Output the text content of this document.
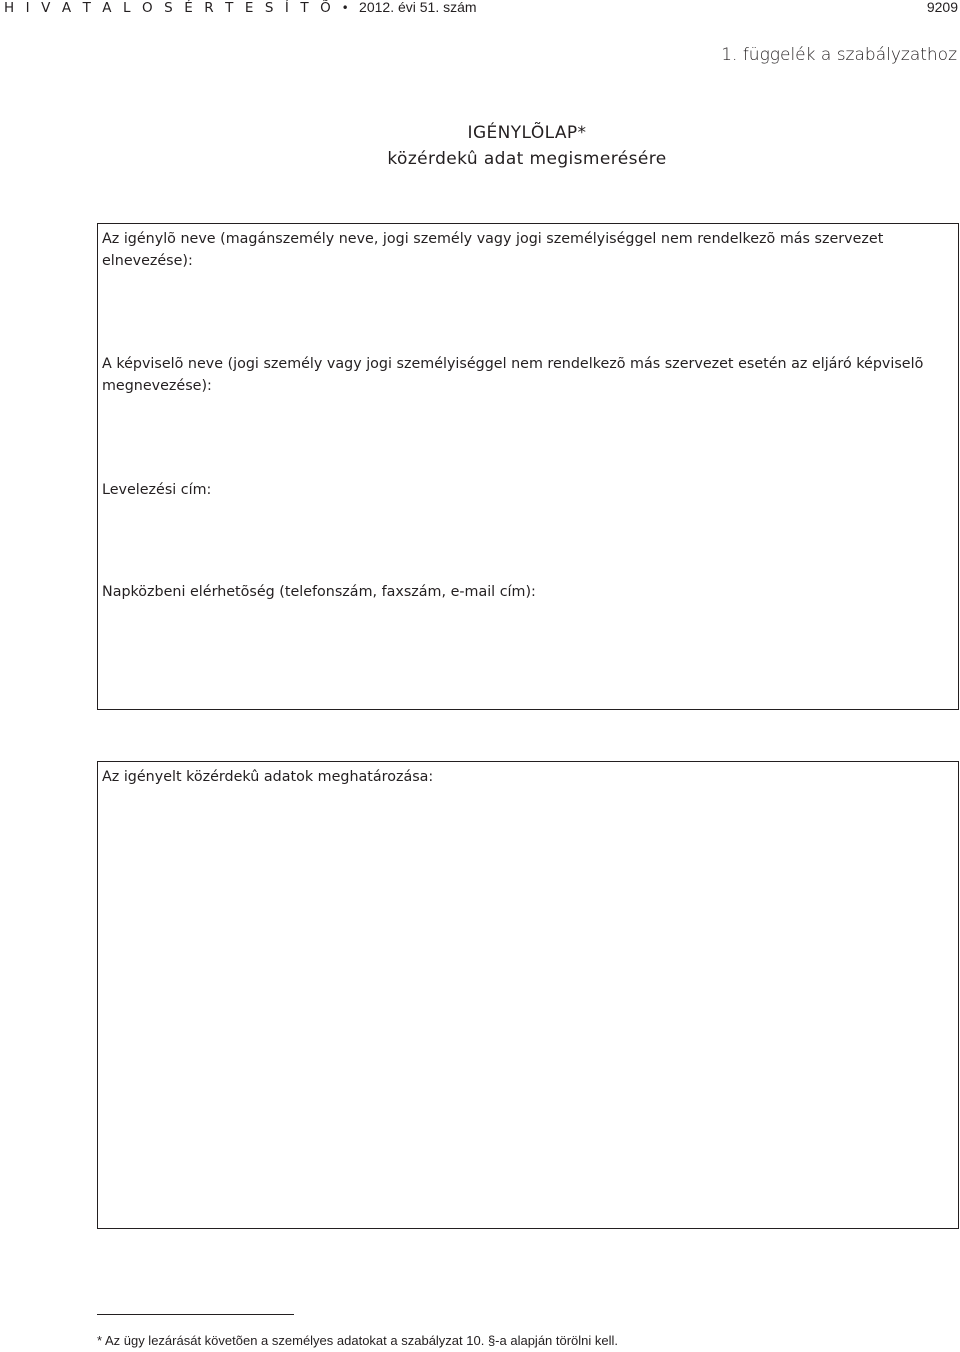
H I V A T A L O S É R T E S Í T Õ • 2012. évi 51. szám	9209
1. függelék a szabályzathoz
IGÉNYLÕLAP*
közérdekû adat megismerésére
Az igénylõ neve (magánszemély neve, jogi személy vagy jogi személyiséggel nem rendelkezõ más szervezet elnevezése):
A képviselõ neve (jogi személy vagy jogi személyiséggel nem rendelkezõ más szervezet esetén az eljáró képviselõ megnevezése):
Levelezési cím:
Napközbeni elérhetõség (telefonszám, faxszám, e-mail cím):
Az igényelt közérdekû adatok meghatározása:
* Az ügy lezárását követõen a személyes adatokat a szabályzat 10. §-a alapján törölni kell.
